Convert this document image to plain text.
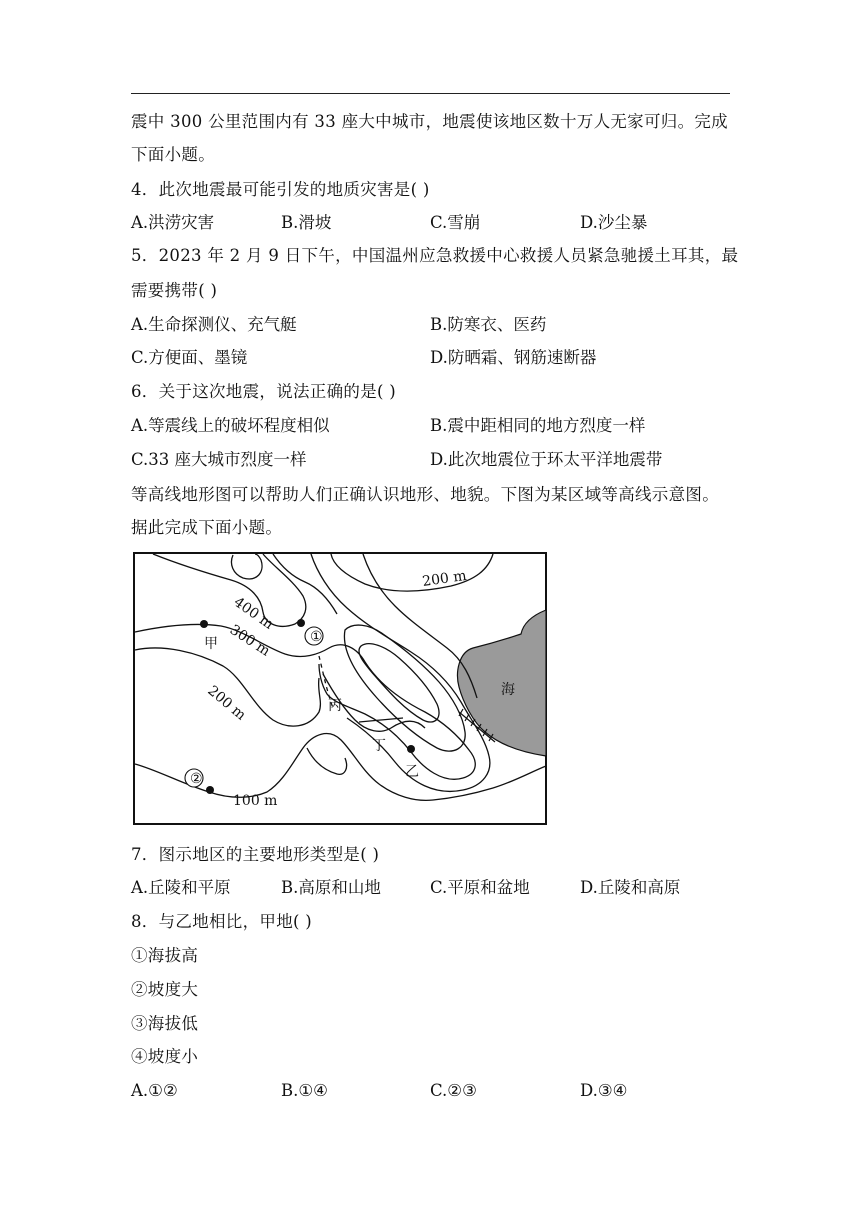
震中 300 公里范围内有 33 座大中城市，地震使该地区数十万人无家可归。完成
下面小题。
4．此次地震最可能引发的地质灾害是( )
A.洪涝灾害	B.滑坡	C.雪崩	D.沙尘暴
5．2023 年 2 月 9 日下午，中国温州应急救援中心救援人员紧急驰援土耳其，最
需要携带( )
A.生命探测仪、充气艇	B.防寒衣、医药
C.方便面、墨镜	D.防晒霜、钢筋速断器
6．关于这次地震，说法正确的是( )
A.等震线上的破坏程度相似	B.震中距相同的地方烈度一样
C.33 座大城市烈度一样	D.此次地震位于环太平洋地震带
等高线地形图可以帮助人们正确认识地形、地貌。下图为某区域等高线示意图。
据此完成下面小题。
①
②
甲
乙
丙
丁
海
400 m
300 m
200 m
200 m
100 m
7．图示地区的主要地形类型是( )
A.丘陵和平原	B.高原和山地	C.平原和盆地	D.丘陵和高原
8．与乙地相比，甲地( )
①海拔高
②坡度大
③海拔低
④坡度小
A.①②	B.①④	C.②③	D.③④
